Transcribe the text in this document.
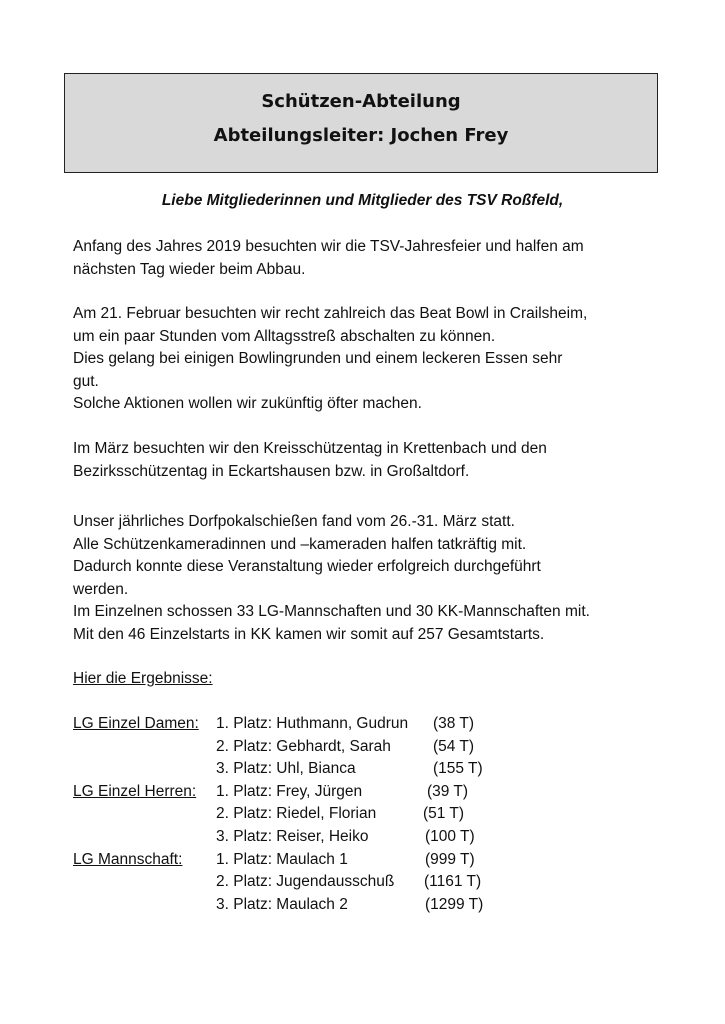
Schützen-Abteilung
Abteilungsleiter: Jochen Frey
Liebe Mitgliederinnen und Mitglieder des TSV Roßfeld,
Anfang des Jahres 2019 besuchten wir die TSV-Jahresfeier und halfen am
nächsten Tag wieder beim Abbau.
Am 21. Februar besuchten wir recht zahlreich das Beat Bowl in Crailsheim,
um ein paar Stunden vom Alltagsstreß abschalten zu können.
Dies gelang bei einigen Bowlingrunden und einem leckeren Essen sehr
gut.
Solche Aktionen wollen wir zukünftig öfter machen.
Im März besuchten wir den Kreisschützentag in Krettenbach und den
Bezirksschützentag in Eckartshausen bzw. in Großaltdorf.
Unser jährliches Dorfpokalschießen fand vom 26.-31. März statt.
Alle Schützenkameradinnen und –kameraden halfen tatkräftig mit.
Dadurch konnte diese Veranstaltung wieder erfolgreich durchgeführt
werden.
Im Einzelnen schossen 33 LG-Mannschaften und 30 KK-Mannschaften mit.
Mit den 46 Einzelstarts in KK kamen wir somit auf 257 Gesamtstarts.
Hier die Ergebnisse:
LG Einzel Damen: 1. Platz: Huthmann, Gudrun (38 T)
2. Platz: Gebhardt, Sarah	(54 T)
3. Platz: Uhl, Bianca	(155 T)
LG Einzel Herren: 1. Platz: Frey, Jürgen	(39 T)
2. Platz: Riedel, Florian	(51 T)
3. Platz: Reiser, Heiko	(100 T)
LG Mannschaft: 1. Platz: Maulach 1	(999 T)
2. Platz: Jugendausschuß (1161 T)
3. Platz: Maulach 2	(1299 T)
